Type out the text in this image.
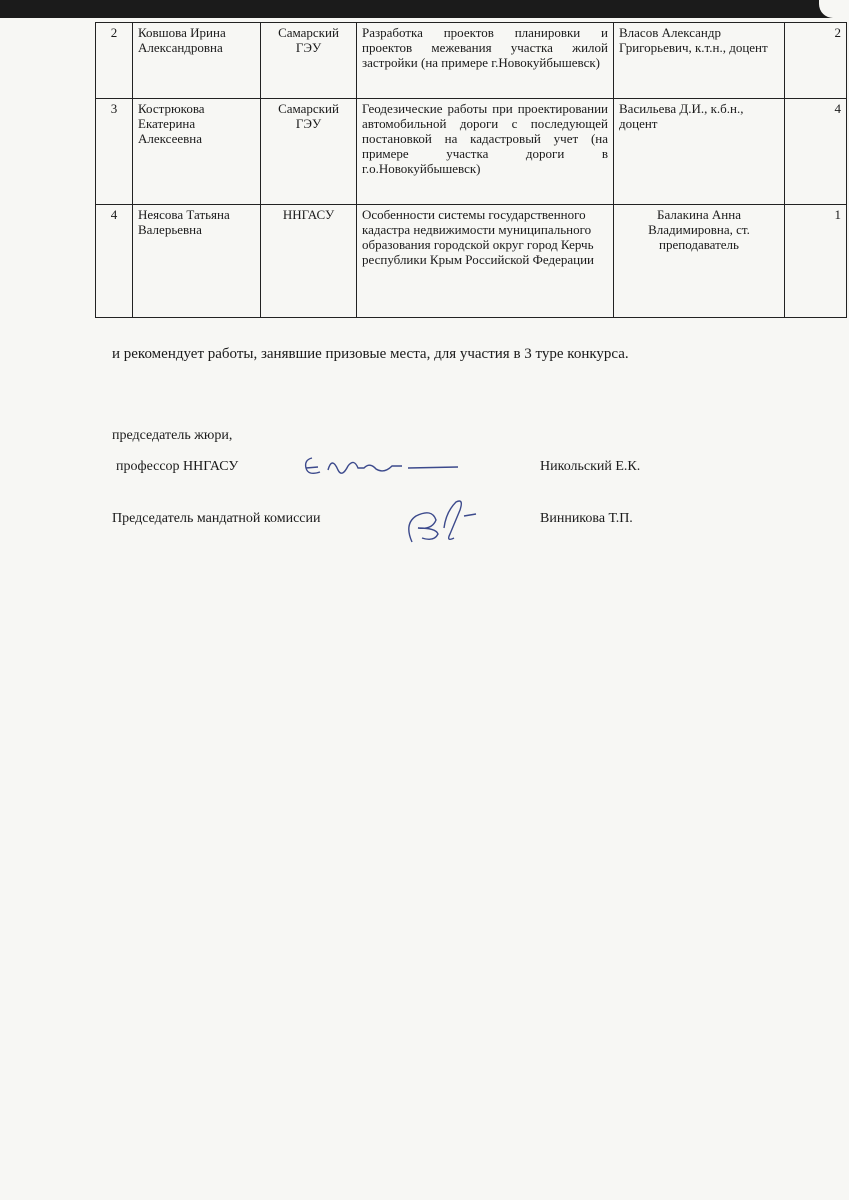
2	Ковшова Ирина Александровна	Самарский ГЭУ	Разработка проектов планировки и проектов межевания участка жилой застройки (на примере г.Новокуйбышевск)	Власов Александр Григорьевич, к.т.н., доцент	2
3	Кострюкова Екатерина Алексеевна	Самарский ГЭУ	Геодезические работы при проектировании автомобильной дороги с последующей постановкой на кадастровый учет (на примере участка дороги в г.о.Новокуйбышевск)	Васильева Д.И., к.б.н., доцент	4
4	Неясова Татьяна Валерьевна	ННГАСУ	Особенности системы государственного кадастра недвижимости муниципального образования городской округ город Керчь республики Крым Российской Федерации	Балакина Анна Владимировна, ст. преподаватель	1

и рекомендует работы, занявшие призовые места, для участия в 3 туре конкурса.

председатель жюри,
профессор ННГАСУ	Никольский Е.К.
Председатель мандатной комиссии	Винникова Т.П.
